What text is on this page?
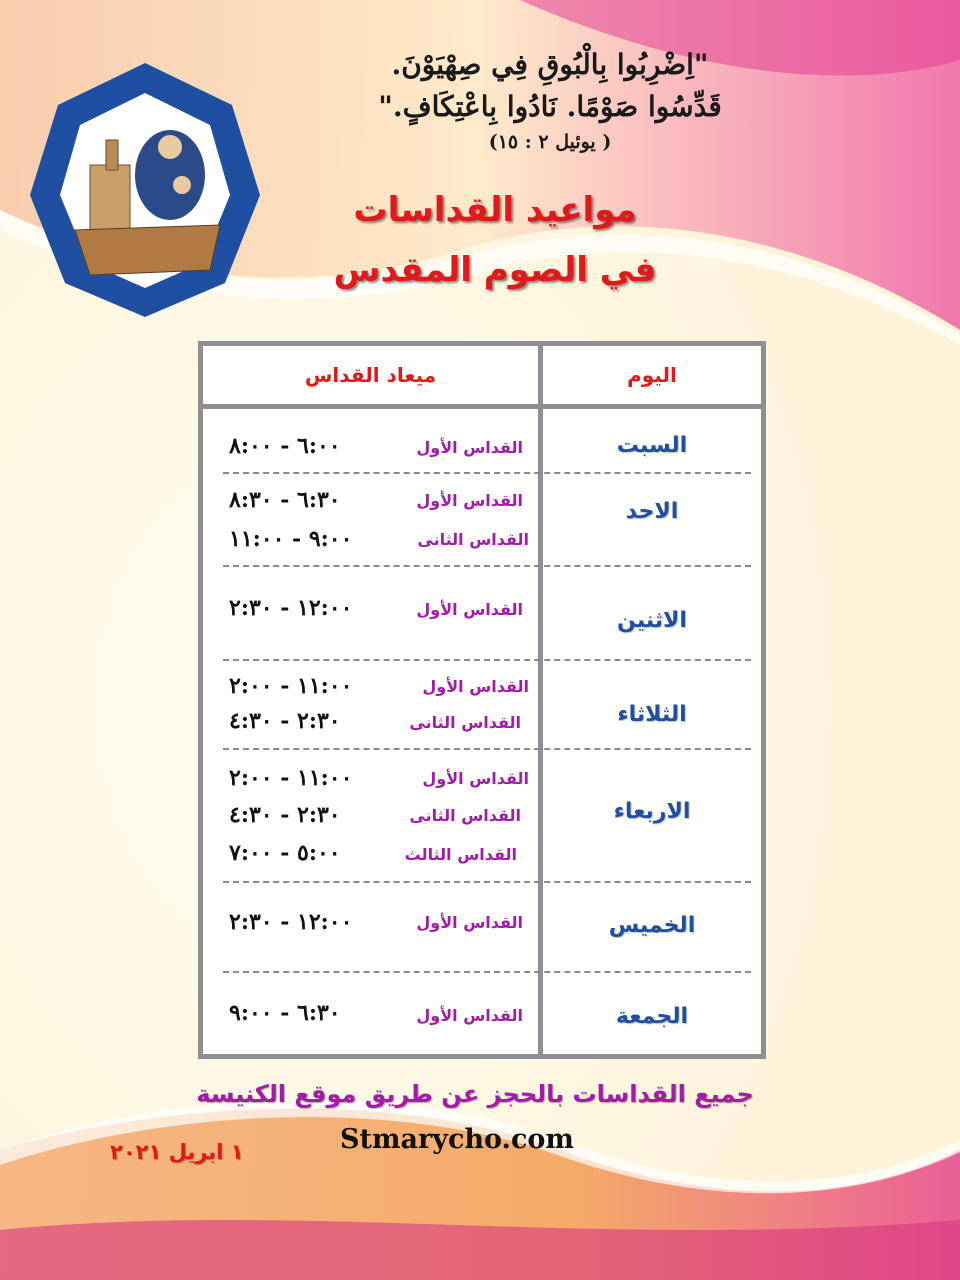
"اِضْرِبُوا بِالْبُوقِ فِي صِهْيَوْنَ.
قَدِّسُوا صَوْمًا. نَادُوا بِاعْتِكَافٍ."
( يوئيل ٢ : ١٥)
مواعيد القداسات
في الصوم المقدس
اليوم
ميعاد القداس
السبت
القداس الأول
٦:٠٠ - ٨:٠٠
الاحد
القداس الأول
٦:٣٠ - ٨:٣٠
القداس الثانى
٩:٠٠ - ١١:٠٠
الاثنين
القداس الأول
١٢:٠٠ - ٢:٣٠
الثلاثاء
القداس الأول
١١:٠٠ - ٢:٠٠
القداس الثانى
٢:٣٠ - ٤:٣٠
الاربعاء
القداس الأول
١١:٠٠ - ٢:٠٠
القداس الثانى
٢:٣٠ - ٤:٣٠
القداس الثالث
٥:٠٠ - ٧:٠٠
الخميس
القداس الأول
١٢:٠٠ - ٢:٣٠
الجمعة
القداس الأول
٦:٣٠ - ٩:٠٠
جميع القداسات بالحجز عن طريق موقع الكنيسة
Stmarycho.com
١ ابريل ٢٠٢١
